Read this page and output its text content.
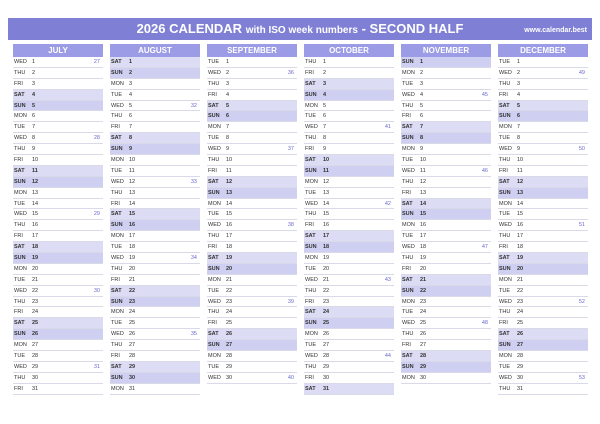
2026 CALENDAR with ISO week numbers - SECOND HALF	www.calendar.best
JULY
WED 1	27
THU 2
FRI 3
SAT 4
SUN 5
MON 6
TUE 7
WED 8	28
THU 9
FRI 10
SAT 11
SUN 12
MON 13
TUE 14
WED 15	29
THU 16
FRI 17
SAT 18
SUN 19
MON 20
TUE 21
WED 22	30
THU 23
FRI 24
SAT 25
SUN 26
MON 27
TUE 28
WED 29	31
THU 30
FRI 31
AUGUST
SAT 1
SUN 2
MON 3
TUE 4
WED 5	32
THU 6
FRI 7
SAT 8
SUN 9
MON 10
TUE 11
WED 12	33
THU 13
FRI 14
SAT 15
SUN 16
MON 17
TUE 18
WED 19	34
THU 20
FRI 21
SAT 22
SUN 23
MON 24
TUE 25
WED 26	35
THU 27
FRI 28
SAT 29
SUN 30
MON 31
SEPTEMBER
TUE 1
WED 2	36
THU 3
FRI 4
SAT 5
SUN 6
MON 7
TUE 8
WED 9	37
THU 10
FRI 11
SAT 12
SUN 13
MON 14
TUE 15
WED 16	38
THU 17
FRI 18
SAT 19
SUN 20
MON 21
TUE 22
WED 23	39
THU 24
FRI 25
SAT 26
SUN 27
MON 28
TUE 29
WED 30	40
OCTOBER
THU 1
FRI 2
SAT 3
SUN 4
MON 5
TUE 6
WED 7	41
THU 8
FRI 9
SAT 10
SUN 11
MON 12
TUE 13
WED 14	42
THU 15
FRI 16
SAT 17
SUN 18
MON 19
TUE 20
WED 21	43
THU 22
FRI 23
SAT 24
SUN 25
MON 26
TUE 27
WED 28	44
THU 29
FRI 30
SAT 31
NOVEMBER
SUN 1
MON 2
TUE 3
WED 4	45
THU 5
FRI 6
SAT 7
SUN 8
MON 9
TUE 10
WED 11	46
THU 12
FRI 13
SAT 14
SUN 15
MON 16
TUE 17
WED 18	47
THU 19
FRI 20
SAT 21
SUN 22
MON 23
TUE 24
WED 25	48
THU 26
FRI 27
SAT 28
SUN 29
MON 30
DECEMBER
TUE 1
WED 2	49
THU 3
FRI 4
SAT 5
SUN 6
MON 7
TUE 8
WED 9	50
THU 10
FRI 11
SAT 12
SUN 13
MON 14
TUE 15
WED 16	51
THU 17
FRI 18
SAT 19
SUN 20
MON 21
TUE 22
WED 23	52
THU 24
FRI 25
SAT 26
SUN 27
MON 28
TUE 29
WED 30	53
THU 31
